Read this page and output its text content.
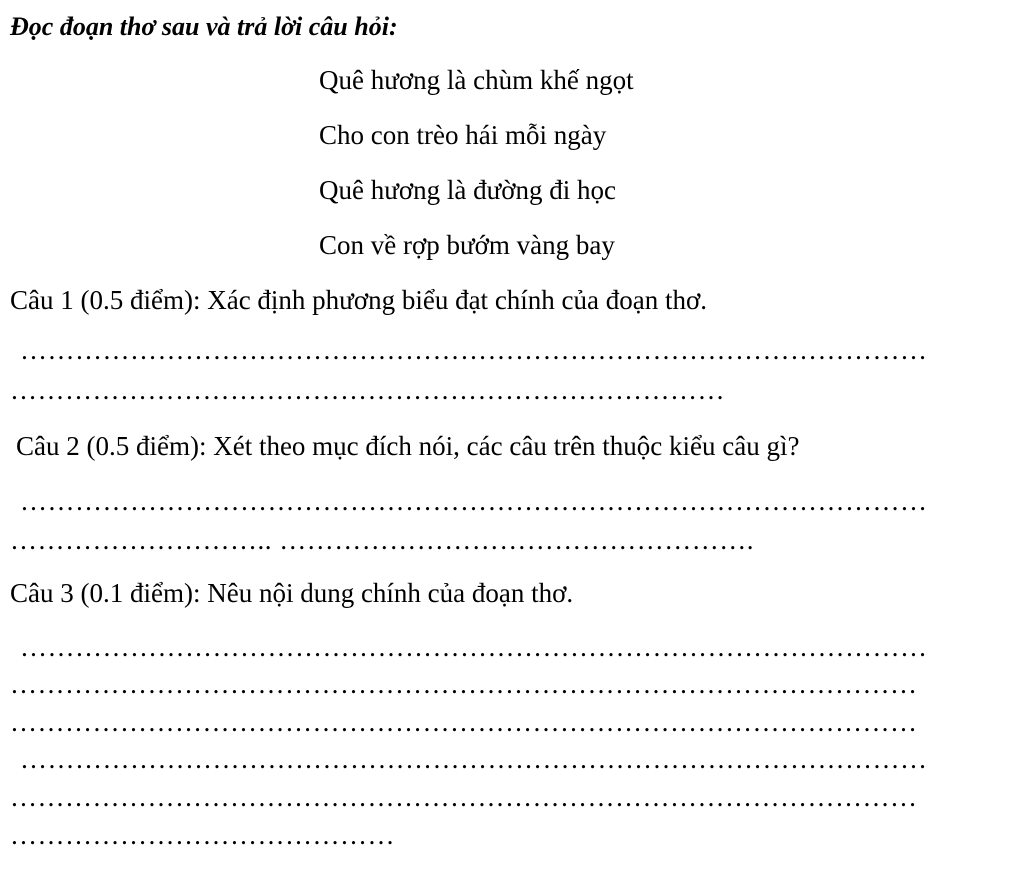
Đọc đoạn thơ sau và trả lời câu hỏi:
Quê hương là chùm khế ngọt
Cho con trèo hái mỗi ngày
Quê hương là đường đi học
Con về rợp bướm vàng bay
Câu 1 (0.5 điểm): Xác định phương biểu đạt chính của đoạn thơ.
………………………………………………………………………………………
……………………………………………………………………
Câu 2 (0.5 điểm): Xét theo mục đích nói, các câu trên thuộc kiểu câu gì?
………………………………………………………………………………………
……………………….. …………………………………………….
Câu 3 (0.1 điểm): Nêu nội dung chính của đoạn thơ.
………………………………………………………………………………………
………………………………………………………………………………………
………………………………………………………………………………………
………………………………………………………………………………………
………………………………………………………………………………………
……………………………………
